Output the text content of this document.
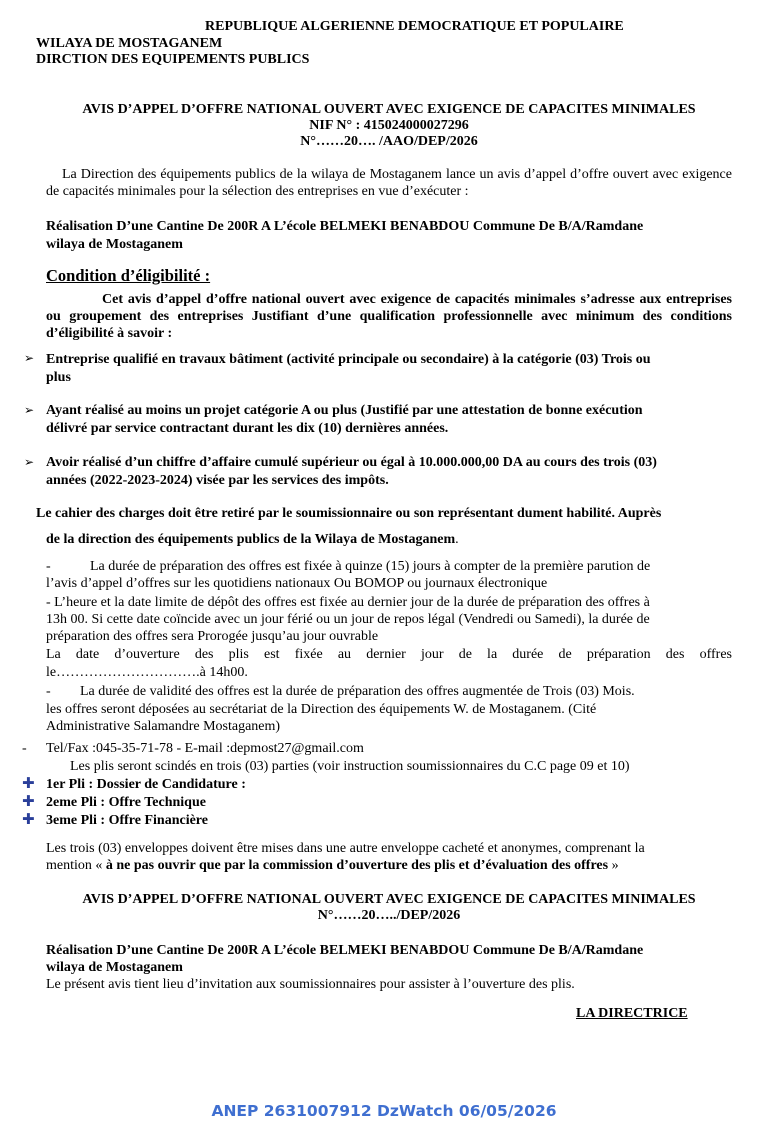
REPUBLIQUE ALGERIENNE DEMOCRATIQUE ET POPULAIRE
WILAYA DE MOSTAGANEM
DIRCTION DES EQUIPEMENTS PUBLICS
AVIS D’APPEL D’OFFRE NATIONAL OUVERT AVEC EXIGENCE DE CAPACITES MINIMALES
NIF N° : 415024000027296
N°……20…. /AAO/DEP/2026
La Direction des équipements publics de la wilaya de Mostaganem lance un avis d’appel d’offre ouvert avec exigence de capacités minimales pour la sélection des entreprises en vue d’exécuter :
Réalisation D’une Cantine De 200R A L’école BELMEKI BENABDOU Commune De B/A/Ramdane
wilaya de Mostaganem
Condition d’éligibilité :
Cet avis d’appel d’offre national ouvert avec exigence de capacités minimales s’adresse aux entreprises ou groupement des entreprises Justifiant d’une qualification professionnelle avec minimum des conditions d’éligibilité à savoir :
➢ Entreprise qualifié en travaux bâtiment (activité principale ou secondaire) à la catégorie (03) Trois ou
plus
➢ Ayant réalisé au moins un projet catégorie A ou plus (Justifié par une attestation de bonne exécution
délivré par service contractant durant les dix (10) dernières années.
➢ Avoir réalisé d’un chiffre d’affaire cumulé supérieur ou égal à 10.000.000,00 DA au cours des trois (03)
années (2022-2023-2024) visée par les services des impôts.
Le cahier des charges doit être retiré par le soumissionnaire ou son représentant dument habilité. Auprès
de la direction des équipements publics de la Wilaya de Mostaganem.
-	La durée de préparation des offres est fixée à quinze (15) jours à compter de la première parution de
l’avis d’appel d’offres sur les quotidiens nationaux Ou BOMOP ou journaux électronique
- L’heure et la date limite de dépôt des offres est fixée au dernier jour de la durée de préparation des offres à
13h 00. Si cette date coïncide avec un jour férié ou un jour de repos légal (Vendredi ou Samedi), la durée de
préparation des offres sera Prorogée jusqu’au jour ouvrable
La date d’ouverture des plis est fixée au dernier jour de la durée de préparation des offres
le………………………….à 14h00.
- La durée de validité des offres est la durée de préparation des offres augmentée de Trois (03) Mois.
les offres seront déposées au secrétariat de la Direction des équipements W. de Mostaganem. (Cité
Administrative Salamandre Mostaganem)
- Tel/Fax :045-35-71-78 - E-mail :depmost27@gmail.com
Les plis seront scindés en trois (03) parties (voir instruction soumissionnaires du C.C page 09 et 10)
✚ 1er Pli : Dossier de Candidature :
✚ 2eme Pli : Offre Technique
✚ 3eme Pli : Offre Financière
Les trois (03) enveloppes doivent être mises dans une autre enveloppe cacheté et anonymes, comprenant la
mention « à ne pas ouvrir que par la commission d’ouverture des plis et d’évaluation des offres »
AVIS D’APPEL D’OFFRE NATIONAL OUVERT AVEC EXIGENCE DE CAPACITES MINIMALES
N°……20…../DEP/2026
Réalisation D’une Cantine De 200R A L’école BELMEKI BENABDOU Commune De B/A/Ramdane
wilaya de Mostaganem
Le présent avis tient lieu d’invitation aux soumissionnaires pour assister à l’ouverture des plis.
LA DIRECTRICE
ANEP 2631007912 DzWatch 06/05/2026
